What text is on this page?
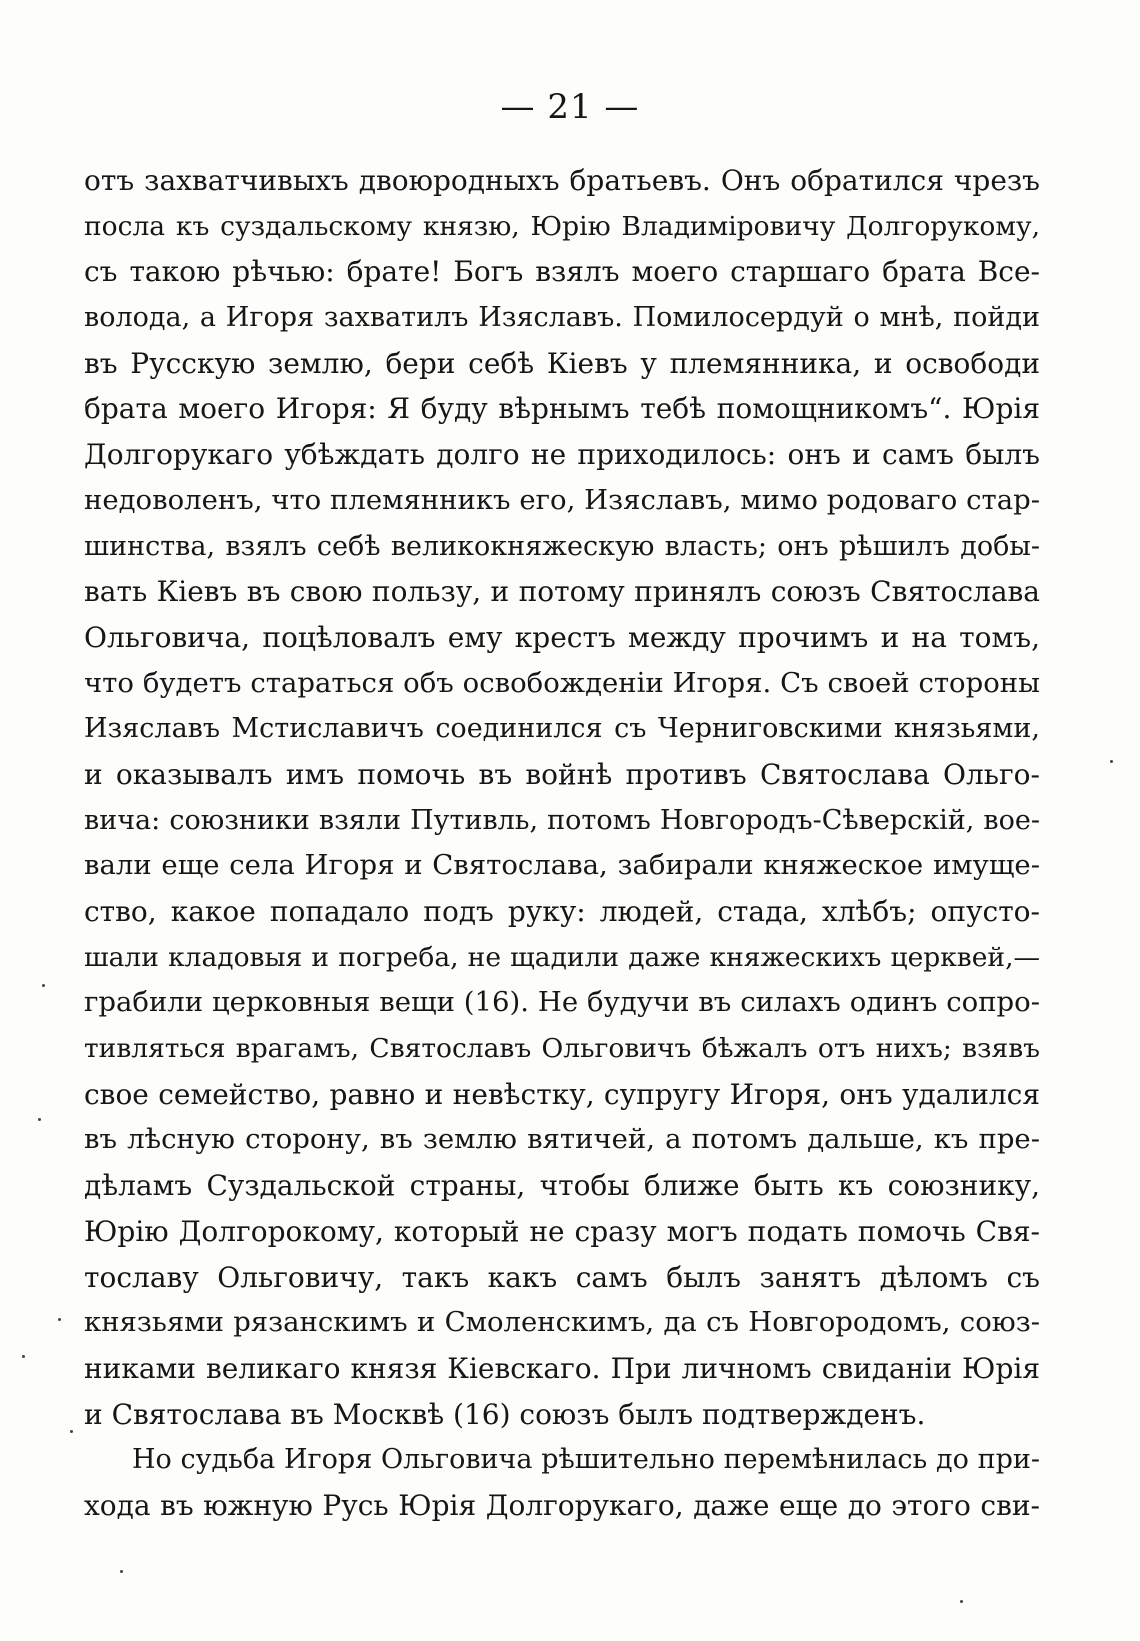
— 21 —
отъ захватчивыхъ двоюродныхъ братьевъ. Онъ обратился чрезъ
посла къ суздальскому князю, Юрію Владиміровичу Долгорукому,
съ такою рѣчью: брате! Богъ взялъ моего старшаго брата Все-
волода, а Игоря захватилъ Изяславъ. Помилосердуй о мнѣ, пойди
въ Русскую землю, бери себѣ Кіевъ у племянника, и освободи
брата моего Игоря: Я буду вѣрнымъ тебѣ помощникомъ“. Юрія
Долгорукаго убѣждать долго не приходилось: онъ и самъ былъ
недоволенъ, что племянникъ его, Изяславъ, мимо родоваго стар-
шинства, взялъ себѣ великокняжескую власть; онъ рѣшилъ добы-
вать Кіевъ въ свою пользу, и потому принялъ союзъ Святослава
Ольговича, поцѣловалъ ему крестъ между прочимъ и на томъ,
что будетъ стараться объ освобожденіи Игоря. Съ своей стороны
Изяславъ Мстиславичъ соединился съ Черниговскими князьями,
и оказывалъ имъ помочь въ войнѣ противъ Святослава Ольго-
вича: союзники взяли Путивль, потомъ Новгородъ-Сѣверскій, вое-
вали еще села Игоря и Святослава, забирали княжеское имуще-
ство, какое попадало подъ руку: людей, стада, хлѣбъ; опусто-
шали кладовыя и погреба, не щадили даже княжескихъ церквей,—
грабили церковныя вещи (16). Не будучи въ силахъ одинъ сопро-
тивляться врагамъ, Святославъ Ольговичъ бѣжалъ отъ нихъ; взявъ
свое семейство, равно и невѣстку, супругу Игоря, онъ удалился
въ лѣсную сторону, въ землю вятичей, а потомъ дальше, къ пре-
дѣламъ Суздальской страны, чтобы ближе быть къ союзнику,
Юрію Долгорокому, который не сразу могъ подать помочь Свя-
тославу Ольговичу, такъ какъ самъ былъ занятъ дѣломъ съ
князьями рязанскимъ и Смоленскимъ, да съ Новгородомъ, союз-
никами великаго князя Кіевскаго. При личномъ свиданіи Юрія
и Святослава въ Москвѣ (16) союзъ былъ подтвержденъ.
Но судьба Игоря Ольговича рѣшительно перемѣнилась до при-
хода въ южную Русь Юрія Долгорукаго, даже еще до этого сви-
